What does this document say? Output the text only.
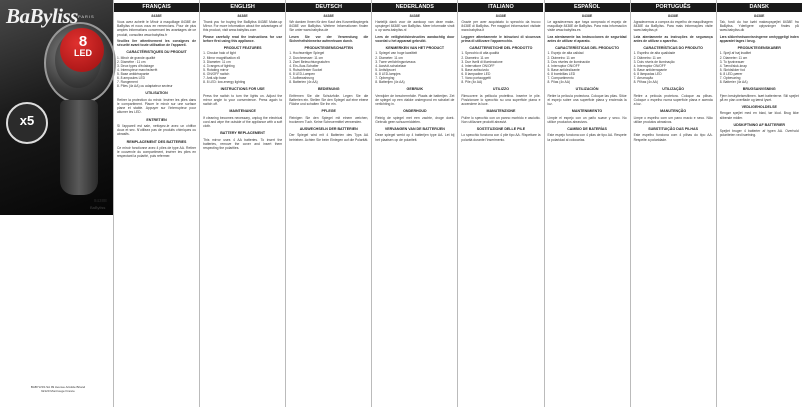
BaByliss PARIS
8
LED
x5
8438E
BaByliss
BABYLISS SA 99 Avenue Aristide Briand 92120 Montrouge France
FRANÇAIS
8438E
Vous avez acheté le Miroir à maquillage 8438E de BaByliss et nous vous en remercions. Pour de plus amples informations concernant les avantages de ce produit, consultez www.babyliss.fr
Veuillez lire attentivement les consignes de sécurité avant toute utilisation de l'appareil.
CARACTÉRISTIQUES DU PRODUIT
1. Miroir de grande qualité
2. Diamètre : 11 cm
3. Deux types d'éclairage
4. Interrupteur marche/arrêt
5. Base antidérapante
6. 8 ampoules LED
7. Rangement
8. Piles (4x AA) ou adaptateur secteur
UTILISATION
Retirer la protection du miroir. Insérer les piles dans le compartiment. Placer le miroir sur une surface plane et stable. Appuyer sur l'interrupteur pour allumer les LED.
ENTRETIEN
Si l'appareil est sale, nettoyez-le avec un chiffon doux et sec. N'utilisez pas de produits chimiques ou abrasifs.
REMPLACEMENT DES BATTERIES
Ce miroir fonctionne avec 4 piles de type AA. Retirer le couvercle du compartiment, insérer les piles en respectant la polarité, puis refermer.
ENGLISH
8438E
Thank you for buying the BaByliss 8438E Make-up Mirror. For more information about the advantages of this product, visit www.babyliss.com
Please carefully read the instructions for use before first using this appliance.
PRODUCT FEATURES
1. Circular halo of light
2. Mirror magnification x5
3. Diameter: 11 cm
4. 3 ranges of lighting
5. Rotating mirror
6. ON/OFF switch
7. Anti-slip base
8. 8 LED: low-energy lighting
INSTRUCTIONS FOR USE
Press the switch to turn the lights on. Adjust the mirror angle to your convenience. Press again to switch off.
MAINTENANCE
If cleaning becomes necessary, unplug the electrical cord and wipe the outside of the appliance with a soft cloth.
BATTERY REPLACEMENT
This mirror uses 4 AA batteries. To insert the batteries, remove the cover and insert them respecting the polarities.
DEUTSCH
8438E
Wir danken Ihnen für den Kauf des Kosmetikspiegels 8438E von BaByliss. Weitere Informationen finden Sie unter www.babyliss.de
Lesen Sie vor der Verwendung die Sicherheitshinweise aufmerksam durch.
PRODUKTEIGENSCHAFTEN
1. Hochwertiger Spiegel
2. Durchmesser: 11 cm
3. Zwei Beleuchtungsstufen
4. Ein-/Aus-Schalter
5. Rutschfester Sockel
6. 8 LED-Lampen
7. Aufbewahrung
8. Batterien (4x AA)
BEDIENUNG
Entfernen Sie die Schutzfolie. Legen Sie die Batterien ein. Stellen Sie den Spiegel auf eine ebene Fläche und schalten Sie ihn ein.
PFLEGE
Reinigen Sie den Spiegel mit einem weichen, trockenen Tuch. Keine Scheuermittel verwenden.
AUSWECHSELN DER BATTERIEN
Der Spiegel wird mit 4 Batterien des Typs AA betrieben. Achten Sie beim Einlegen auf die Polarität.
NEDERLANDS
8438E
Hartelijk dank voor de aankoop van deze make-upspiegel 8438E van BaByliss. Meer informatie vindt u op www.babyliss.nl
Lees de veiligheidsinstructies aandachtig door voordat u het apparaat gebruikt.
KENMERKEN VAN HET PRODUCT
1. Spiegel van hoge kwaliteit
2. Diameter: 11 cm
3. Twee verlichtingsniveaus
4. Aan/uit-schakelaar
5. Antislipvoet
6. 8 LED-lampjes
7. Opberging
8. Batterijen (4x AA)
GEBRUIK
Verwijder de beschermfolie. Plaats de batterijen. Zet de spiegel op een vlakke ondergrond en schakel de verlichting in.
ONDERHOUD
Reinig de spiegel met een zachte, droge doek. Gebruik geen schuurmiddelen.
VERVANGEN VAN DE BATTERIJEN
Deze spiegel werkt op 4 batterijen type AA. Let bij het plaatsen op de polariteit.
ITALIANO
8438E
Grazie per aver acquistato lo specchio da trucco 8438E di BaByliss. Per maggiori informazioni visitate www.babyliss.it
Leggere attentamente le istruzioni di sicurezza prima di utilizzare l'apparecchio.
CARATTERISTICHE DEL PRODOTTO
1. Specchio di alta qualità
2. Diametro: 11 cm
3. Due livelli di illuminazione
4. Interruttore ON/OFF
5. Base antiscivolo
6. 8 lampadine LED
7. Vano portaoggetti
8. Pile (4x AA)
UTILIZZO
Rimuovere la pellicola protettiva. Inserire le pile. Posizionare lo specchio su una superficie piana e accendere la luce.
MANUTENZIONE
Pulire lo specchio con un panno morbido e asciutto. Non utilizzare prodotti abrasivi.
SOSTITUZIONE DELLE PILE
Lo specchio funziona con 4 pile tipo AA. Rispettare la polarità durante l'inserimento.
ESPAÑOL
8438E
Le agradecemos que haya comprado el espejo de maquillaje 8438E de BaByliss. Para más información visite www.babyliss.es
Lea atentamente las instrucciones de seguridad antes de utilizar el aparato.
CARACTERÍSTICAS DEL PRODUCTO
1. Espejo de alta calidad
2. Diámetro: 11 cm
3. Dos niveles de iluminación
4. Interruptor ON/OFF
5. Base antideslizante
6. 8 bombillas LED
7. Compartimento
8. Pilas (4x AA)
UTILIZACIÓN
Retire la película protectora. Coloque las pilas. Sitúe el espejo sobre una superficie plana y encienda la luz.
MANTENIMIENTO
Limpie el espejo con un paño suave y seco. No utilice productos abrasivos.
CAMBIO DE BATERÍAS
Este espejo funciona con 4 pilas de tipo AA. Respete la polaridad al colocarlas.
PORTUGUÊS
8438E
Agradecemos a compra do espelho de maquilhagem 8438E da BaByliss. Para mais informações visite www.babyliss.pt
Leia atentamente as instruções de segurança antes de utilizar o aparelho.
CARACTERÍSTICAS DO PRODUTO
1. Espelho de alta qualidade
2. Diâmetro: 11 cm
3. Dois níveis de iluminação
4. Interruptor ON/OFF
5. Base antiderrapante
6. 8 lâmpadas LED
7. Arrumação
8. Pilhas (4x AA)
UTILIZAÇÃO
Retire a película protetora. Coloque as pilhas. Coloque o espelho numa superfície plana e acenda a luz.
MANUTENÇÃO
Limpe o espelho com um pano macio e seco. Não utilize produtos abrasivos.
SUBSTITUIÇÃO DAS PILHAS
Este espelho funciona com 4 pilhas do tipo AA. Respeite a polaridade.
DANSK
8438E
Tak, fordi du har købt makeupspejlet 8438E fra BaByliss. Yderligere oplysninger findes på www.babyliss.dk
Læs sikkerhedsanvisningerne omhyggeligt inden apparatet tages i brug.
PRODUKTEGENSKABER
1. Spejl af høj kvalitet
2. Diameter: 11 cm
3. To lysniveauer
4. Tænd/sluk-knap
5. Skridsikker fod
6. 8 LED-pærer
7. Opbevaring
8. Batterier (4x AA)
BRUGSANVISNING
Fjern beskyttelsesfilmen. Isæt batterierne. Stil spejlet på en plan overflade og tænd lyset.
VEDLIGEHOLDELSE
Rengør spejlet med en blød, tør klud. Brug ikke slibende midler.
UDSKIFTNING AF BATTERIER
Spejlet bruger 4 batterier af typen AA. Overhold polariteten ved isætning.
